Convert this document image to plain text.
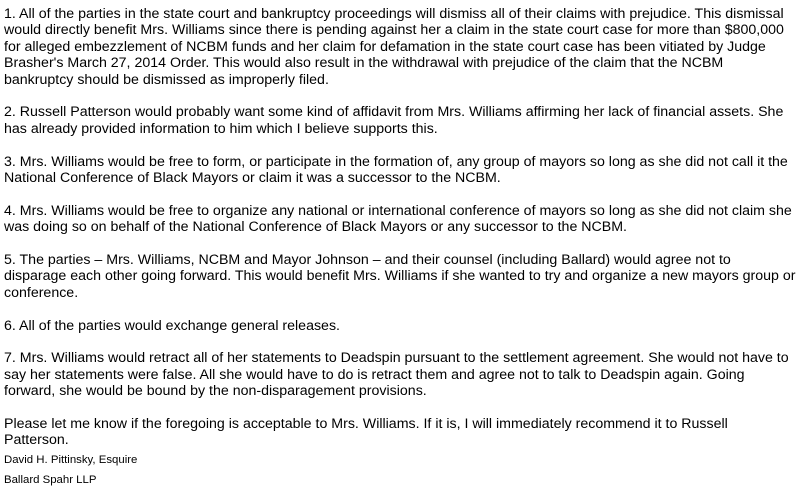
1. All of the parties in the state court and bankruptcy proceedings will dismiss all of their claims with prejudice. This dismissal would directly benefit Mrs. Williams since there is pending against her a claim in the state court case for more than $800,000 for alleged embezzlement of NCBM funds and her claim for defamation in the state court case has been vitiated by Judge Brasher's March 27, 2014 Order. This would also result in the withdrawal with prejudice of the claim that the NCBM bankruptcy should be dismissed as improperly filed.

2. Russell Patterson would probably want some kind of affidavit from Mrs. Williams affirming her lack of financial assets. She has already provided information to him which I believe supports this.

3. Mrs. Williams would be free to form, or participate in the formation of, any group of mayors so long as she did not call it the National Conference of Black Mayors or claim it was a successor to the NCBM.

4. Mrs. Williams would be free to organize any national or international conference of mayors so long as she did not claim she was doing so on behalf of the National Conference of Black Mayors or any successor to the NCBM.

5. The parties – Mrs. Williams, NCBM and Mayor Johnson – and their counsel (including Ballard) would agree not to disparage each other going forward. This would benefit Mrs. Williams if she wanted to try and organize a new mayors group or conference.

6. All of the parties would exchange general releases.

7. Mrs. Williams would retract all of her statements to Deadspin pursuant to the settlement agreement. She would not have to say her statements were false. All she would have to do is retract them and agree not to talk to Deadspin again. Going forward, she would be bound by the non-disparagement provisions.

Please let me know if the foregoing is acceptable to Mrs. Williams. If it is, I will immediately recommend it to Russell Patterson.

David H. Pittinsky, Esquire
Ballard Spahr LLP
